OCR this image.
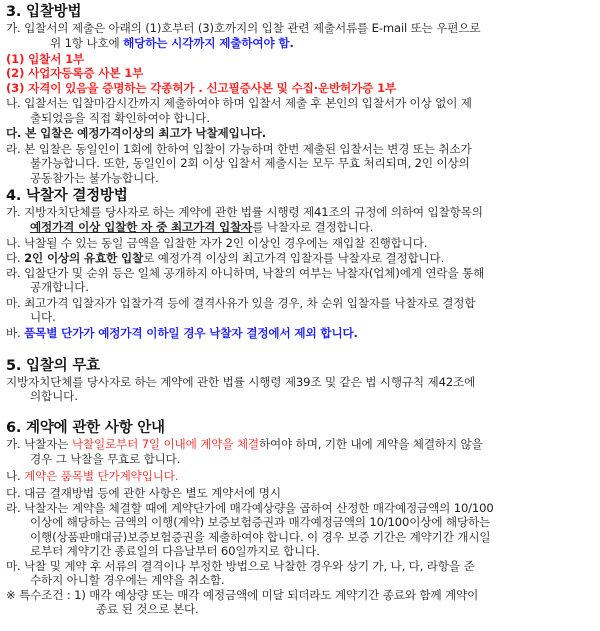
3. 입찰방법
가. 입찰서의 제출은 아래의 (1)호부터 (3)호까지의 입찰 관련 제출서류를 E-mail 또는 우편으로
위 1항 나호에 해당하는 시각까지 제출하여야 함.
(1) 입찰서 1부
(2) 사업자등록증 사본 1부
(3) 자격이 있음을 증명하는 각종허가 . 신고필증사본 및 수집·운반허가증 1부
나. 입찰서는 입찰마감시간까지 제출하여야 하며 입찰서 제출 후 본인의 입찰서가 이상 없이 제
출되었음을 직접 확인하여야 합니다.
다. 본 입찰은 예정가격이상의 최고가 낙찰제입니다.
라. 본 입찰은 동일인이 1회에 한하여 입찰이 가능하며 한번 제출된 입찰서는 변경 또는 취소가
불가능합니다. 또한, 동일인이 2회 이상 입찰서 제출시는 모두 무효 처리되며, 2인 이상의
공동참가는 불가능합니다.
4. 낙찰자 결정방법
가. 지방자치단체를 당사자로 하는 계약에 관한 법률 시행령 제41조의 규정에 의하여 입찰항목의
예정가격 이상 입찰한 자 중 최고가격 입찰자를 낙찰자로 결정합니다.
나. 낙찰될 수 있는 동일 금액을 입찰한 자가 2인 이상인 경우에는 재입찰 진행합니다.
다. 2인 이상의 유효한 입찰로 예정가격 이상의 최고가격 입찰자를 낙찰자로 결정합니다.
라. 입찰단가 및 순위 등은 일체 공개하지 아니하며, 낙찰의 여부는 낙찰자(업체)에게 연락을 통해
공개합니다.
마. 최고가격 입찰자가 입찰가격 등에 결격사유가 있을 경우, 차 순위 입찰자를 낙찰자로 결정합
니다.
바. 품목별 단가가 예정가격 이하일 경우 낙찰자 결정에서 제외 합니다.
5. 입찰의 무효
지방자치단체를 당사자로 하는 계약에 관한 법률 시행령 제39조 및 같은 법 시행규칙 제42조에
의합니다.
6. 계약에 관한 사항 안내
가. 낙찰자는 낙찰일로부터 7일 이내에 계약을 체결하여야 하며, 기한 내에 계약을 체결하지 않을
경우 그 낙찰을 무효로 합니다.
나. 계약은 품목별 단가계약입니다.
다. 대금 결재방법 등에 관한 사항은 별도 계약서에 명시
라. 낙찰자는 계약을 체결할 때에 계약단가에 매각예상량을 곱하여 산정한 매각예정금액의 10/100
이상에 해당하는 금액의 이행(계약) 보증보험증권과 매각예정금액의 10/100이상에 해당하는
이행(상품판매대금)보증보험증권을 제출하여야 합니다. 이 경우 보증 기간은 계약기간 개시일
로부터 계약기간 종료일의 다음날부터 60일까지로 합니다.
마. 낙찰 및 계약 후 서류의 결격이나 부정한 방법으로 낙찰한 경우와 상기 가, 나, 다, 라항을 준
수하지 아니할 경우에는 계약을 취소함.
※ 특수조건 : 1) 매각 예상량 또는 매각 예정금액에 미달 되더라도 계약기간 종료와 함께 계약이
종료 된 것으로 본다.
